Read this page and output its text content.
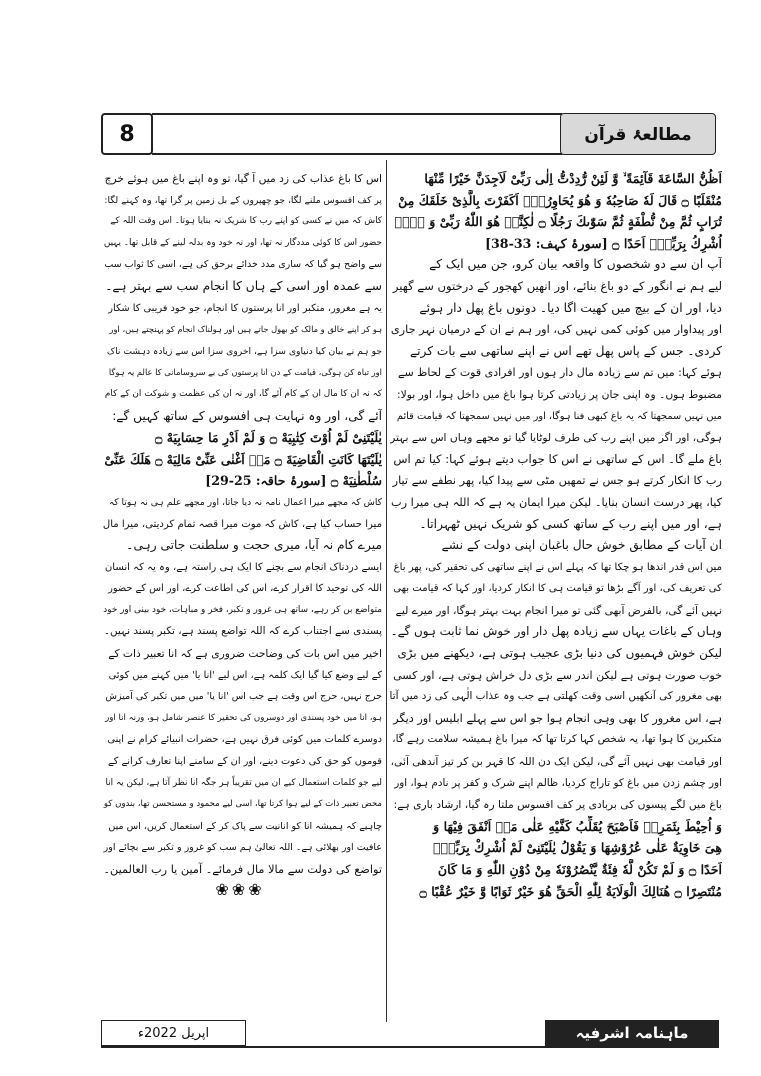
8	مطالعۂ قرآن
اَظُنُّ السَّاعَةَ قَآئِمَةً ۙ وَّ لَئِنْ رُّدِدْتُّ اِلٰی رَبِّیْ لَاَجِدَنَّ خَیْرًا مِّنْهَا
مُنْقَلَبًا ۝ قَالَ لَهٗ صَاحِبُهٗ وَ هُوَ یُحَاوِرُهٗۤ اَكَفَرْتَ بِالَّذِیْ خَلَقَكَ مِنْ
تُرَابٍ ثُمَّ مِنْ نُّطْفَةٍ ثُمَّ سَوّٰىكَ رَجُلًا ۝ لٰكِنَّا۠ هُوَ اللّٰهُ رَبِّیْ وَ لَاۤ
اُشْرِكُ بِرَبِّیْۤ اَحَدًا ۝ [سورۂ کہف: 33-38]
آپ ان سے دو شخصوں کا واقعہ بیان کرو، جن میں ایک کے
لیے ہم نے انگور کے دو باغ بنائے، اور انھیں کھجور کے درختوں سے گھیر
دیا، اور ان کے بیچ میں کھیت اگا دیا۔ دونوں باغ پھل دار ہوئے
اور پیداوار میں کوئی کمی نہیں کی، اور ہم نے ان کے درمیان نہر جاری
کردی۔ جس کے پاس پھل تھے اس نے اپنے ساتھی سے بات کرتے
ہوئے کہا: میں تم سے زیادہ مال دار ہوں اور افرادی قوت کے لحاظ سے
مضبوط ہوں۔ وہ اپنی جان پر زیادتی کرتا ہوا باغ میں داخل ہوا، اور بولا:
میں نہیں سمجھتا کہ یہ باغ کبھی فنا ہوگا، اور میں نہیں سمجھتا کہ قیامت قائم
ہوگی، اور اگر میں اپنے رب کی طرف لوٹایا گیا تو مجھے وہاں اس سے بہتر
باغ ملے گا۔ اس کے ساتھی نے اس کا جواب دیتے ہوئے کہا: کیا تم اس
رب کا انکار کرتے ہو جس نے تمھیں مٹی سے پیدا کیا، پھر نطفے سے تیار
کیا، پھر درست انسان بنایا۔ لیکن میرا ایمان یہ ہے کہ اللہ ہی میرا رب
ہے، اور میں اپنے رب کے ساتھ کسی کو شریک نہیں ٹھہراتا۔
ان آیات کے مطابق خوش حال باغبان اپنی دولت کے نشے
میں اس قدر اندھا ہو چکا تھا کہ پہلے اس نے اپنے ساتھی کی تحقیر کی، پھر باغ
کی تعریف کی، اور آگے بڑھا تو قیامت ہی کا انکار کردیا، اور کہا کہ قیامت بھی
نہیں آئے گی، بالفرض آبھی گئی تو میرا انجام بہت بہتر ہوگا، اور میرے لیے
وہاں کے باغات یہاں سے زیادہ پھل دار اور خوش نما ثابت ہوں گے۔
لیکن خوش فہمیوں کی دنیا بڑی عجیب ہوتی ہے، دیکھنے میں بڑی
خوب صورت ہوتی ہے لیکن اندر سے بڑی دل خراش ہوتی ہے، اور کسی
بھی مغرور کی آنکھیں اسی وقت کھلتی ہے جب وہ عذاب الٰہی کی زد میں آتا
ہے، اس مغرور کا بھی وہی انجام ہوا جو اس سے پہلے ابلیس اور دیگر
متکبرین کا ہوا تھا، یہ شخص کہا کرتا تھا کہ میرا باغ ہمیشہ سلامت رہے گا،
اور قیامت بھی نہیں آئے گی، لیکن ایک دن اللہ کا قہر بن کر تیز آندھی آئی،
اور چشم زدن میں باغ کو تاراج کردیا، ظالم اپنے شرک و کفر پر نادم ہوا، اور
باغ میں لگے پیسوں کی بربادی پر کف افسوس ملتا رہ گیا، ارشاد باری ہے:
وَ اُحِیْطَ بِثَمَرِهٖ فَاَصْبَحَ یُقَلِّبُ كَفَّیْهِ عَلٰی مَاۤ اَنْفَقَ فِیْهَا وَ
هِیَ خَاوِیَةٌ عَلٰی عُرُوْشِهَا وَ یَقُوْلُ یٰلَیْتَنِیْ لَمْ اُشْرِكْ بِرَبِّیْۤ
اَحَدًا ۝ وَ لَمْ تَكُنْ لَّهٗ فِئَةٌ یَّنْصُرُوْنَهٗ مِنْ دُوْنِ اللّٰهِ وَ مَا كَانَ
مُنْتَصِرًا ۝ هُنَالِكَ الْوَلَایَةُ لِلّٰهِ الْحَقِّ هُوَ خَیْرٌ ثَوَابًا وَّ خَیْرٌ عُقْبًا ۝
اس کا باغ عذاب کی زد میں آ گیا، تو وہ اپنے باغ میں ہوئے خرچ
پر کف افسوس ملنے لگا، جو چھپروں کے بل زمین پر گرا تھا، وہ کہنے لگا:
کاش کہ میں نے کسی کو اپنے رب کا شریک نہ بنایا ہوتا۔ اس وقت اللہ کے
حضور اس کا کوئی مددگار نہ تھا، اور نہ خود وہ بدلہ لینے کے قابل تھا۔ یہیں
سے واضح ہو گیا کہ ساری مدد خدائے برحق کی ہے، اسی کا ثواب سب
سے عمدہ اور اسی کے ہاں کا انجام سب سے بہتر ہے۔
یہ ہے مغرور، متکبر اور انا پرستوں کا انجام، جو خود فریبی کا شکار
ہو کر اپنے خالق و مالک کو بھول جاتے ہیں اور ہولناک انجام کو پہنچتے ہیں، اور
جو ہم نے بیان کیا دنیاوی سزا ہے، اخروی سزا اس سے زیادہ دہشت ناک
اور تباہ کن ہوگی، قیامت کے دن انا پرستوں کی بے سروسامانی کا عالم یہ ہوگا
کہ نہ ان کا مال ان کے کام آئے گا، اور نہ ان کی عظمت و شوکت ان کے کام
آئے گی، اور وہ نہایت ہی افسوس کے ساتھ کہیں گے:
یٰلَیْتَنِیْ لَمْ اُوْتَ كِتٰبِیَهْ ۝ وَ لَمْ اَدْرِ مَا حِسَابِیَهْ ۝
یٰلَیْتَهَا كَانَتِ الْقَاضِیَةَ ۝ مَاۤ اَغْنٰی عَنِّیْ مَالِیَهْ ۝ هَلَكَ عَنِّیْ
سُلْطٰنِیَهْ ۝ [سورۂ حاقہ: 25-29]
کاش کہ مجھے میرا اعمال نامہ نہ دیا جاتا، اور مجھے علم ہی نہ ہوتا کہ
میرا حساب کیا ہے، کاش کہ موت میرا قصہ تمام کردیتی، میرا مال
میرے کام نہ آیا، میری حجت و سلطنت جاتی رہی۔
ایسے دردناک انجام سے بچنے کا ایک ہی راستہ ہے، وہ یہ کہ انسان
اللہ کی توحید کا اقرار کرے، اس کی اطاعت کرے، اور اس کے حضور
متواضع بن کر رہے، ساتھ ہی غرور و تکبر، فخر و مباہات، خود بینی اور خود
پسندی سے اجتناب کرے کہ اللہ تواضع پسند ہے، تکبر پسند نہیں۔
اخیر میں اس بات کی وضاحت ضروری ہے کہ انا تعبیر ذات کے
کے لیے وضع کیا گیا ایک کلمہ ہے، اس لیے 'انا یا' میں کہنے میں کوئی
حرج نہیں، حرج اس وقت ہے جب اس 'انا یا' میں میں تکبر کی آمیزش
ہو، انا میں خود پسندی اور دوسروں کی تحقیر کا عنصر شامل ہو، ورنہ انا اور
دوسرے کلمات میں کوئی فرق نہیں ہے، حضرات انبیائے کرام نے اپنی
قوموں کو حق کی دعوت دینے، اور ان کے سامنے اپنا تعارف کرانے کے
لیے جو کلمات استعمال کیے ان میں تقریباً ہر جگہ انا نظر آتا ہے، لیکن یہ انا
محض تعبیر ذات کے لیے ہوا کرتا تھا، اسی لیے محمود و مستحسن تھا، بندوں کو
چاہیے کہ ہمیشہ انا کو انانیت سے پاک کر کے استعمال کریں، اس میں
عافیت اور بھلائی ہے۔ اللہ تعالیٰ ہم سب کو غرور و تکبر سے بچائے اور
تواضع کی دولت سے مالا مال فرمائے۔ آمین یا رب العالمین۔
❀❀❀
اپریل 2022ء	ماہنامہ اشرفیہ
